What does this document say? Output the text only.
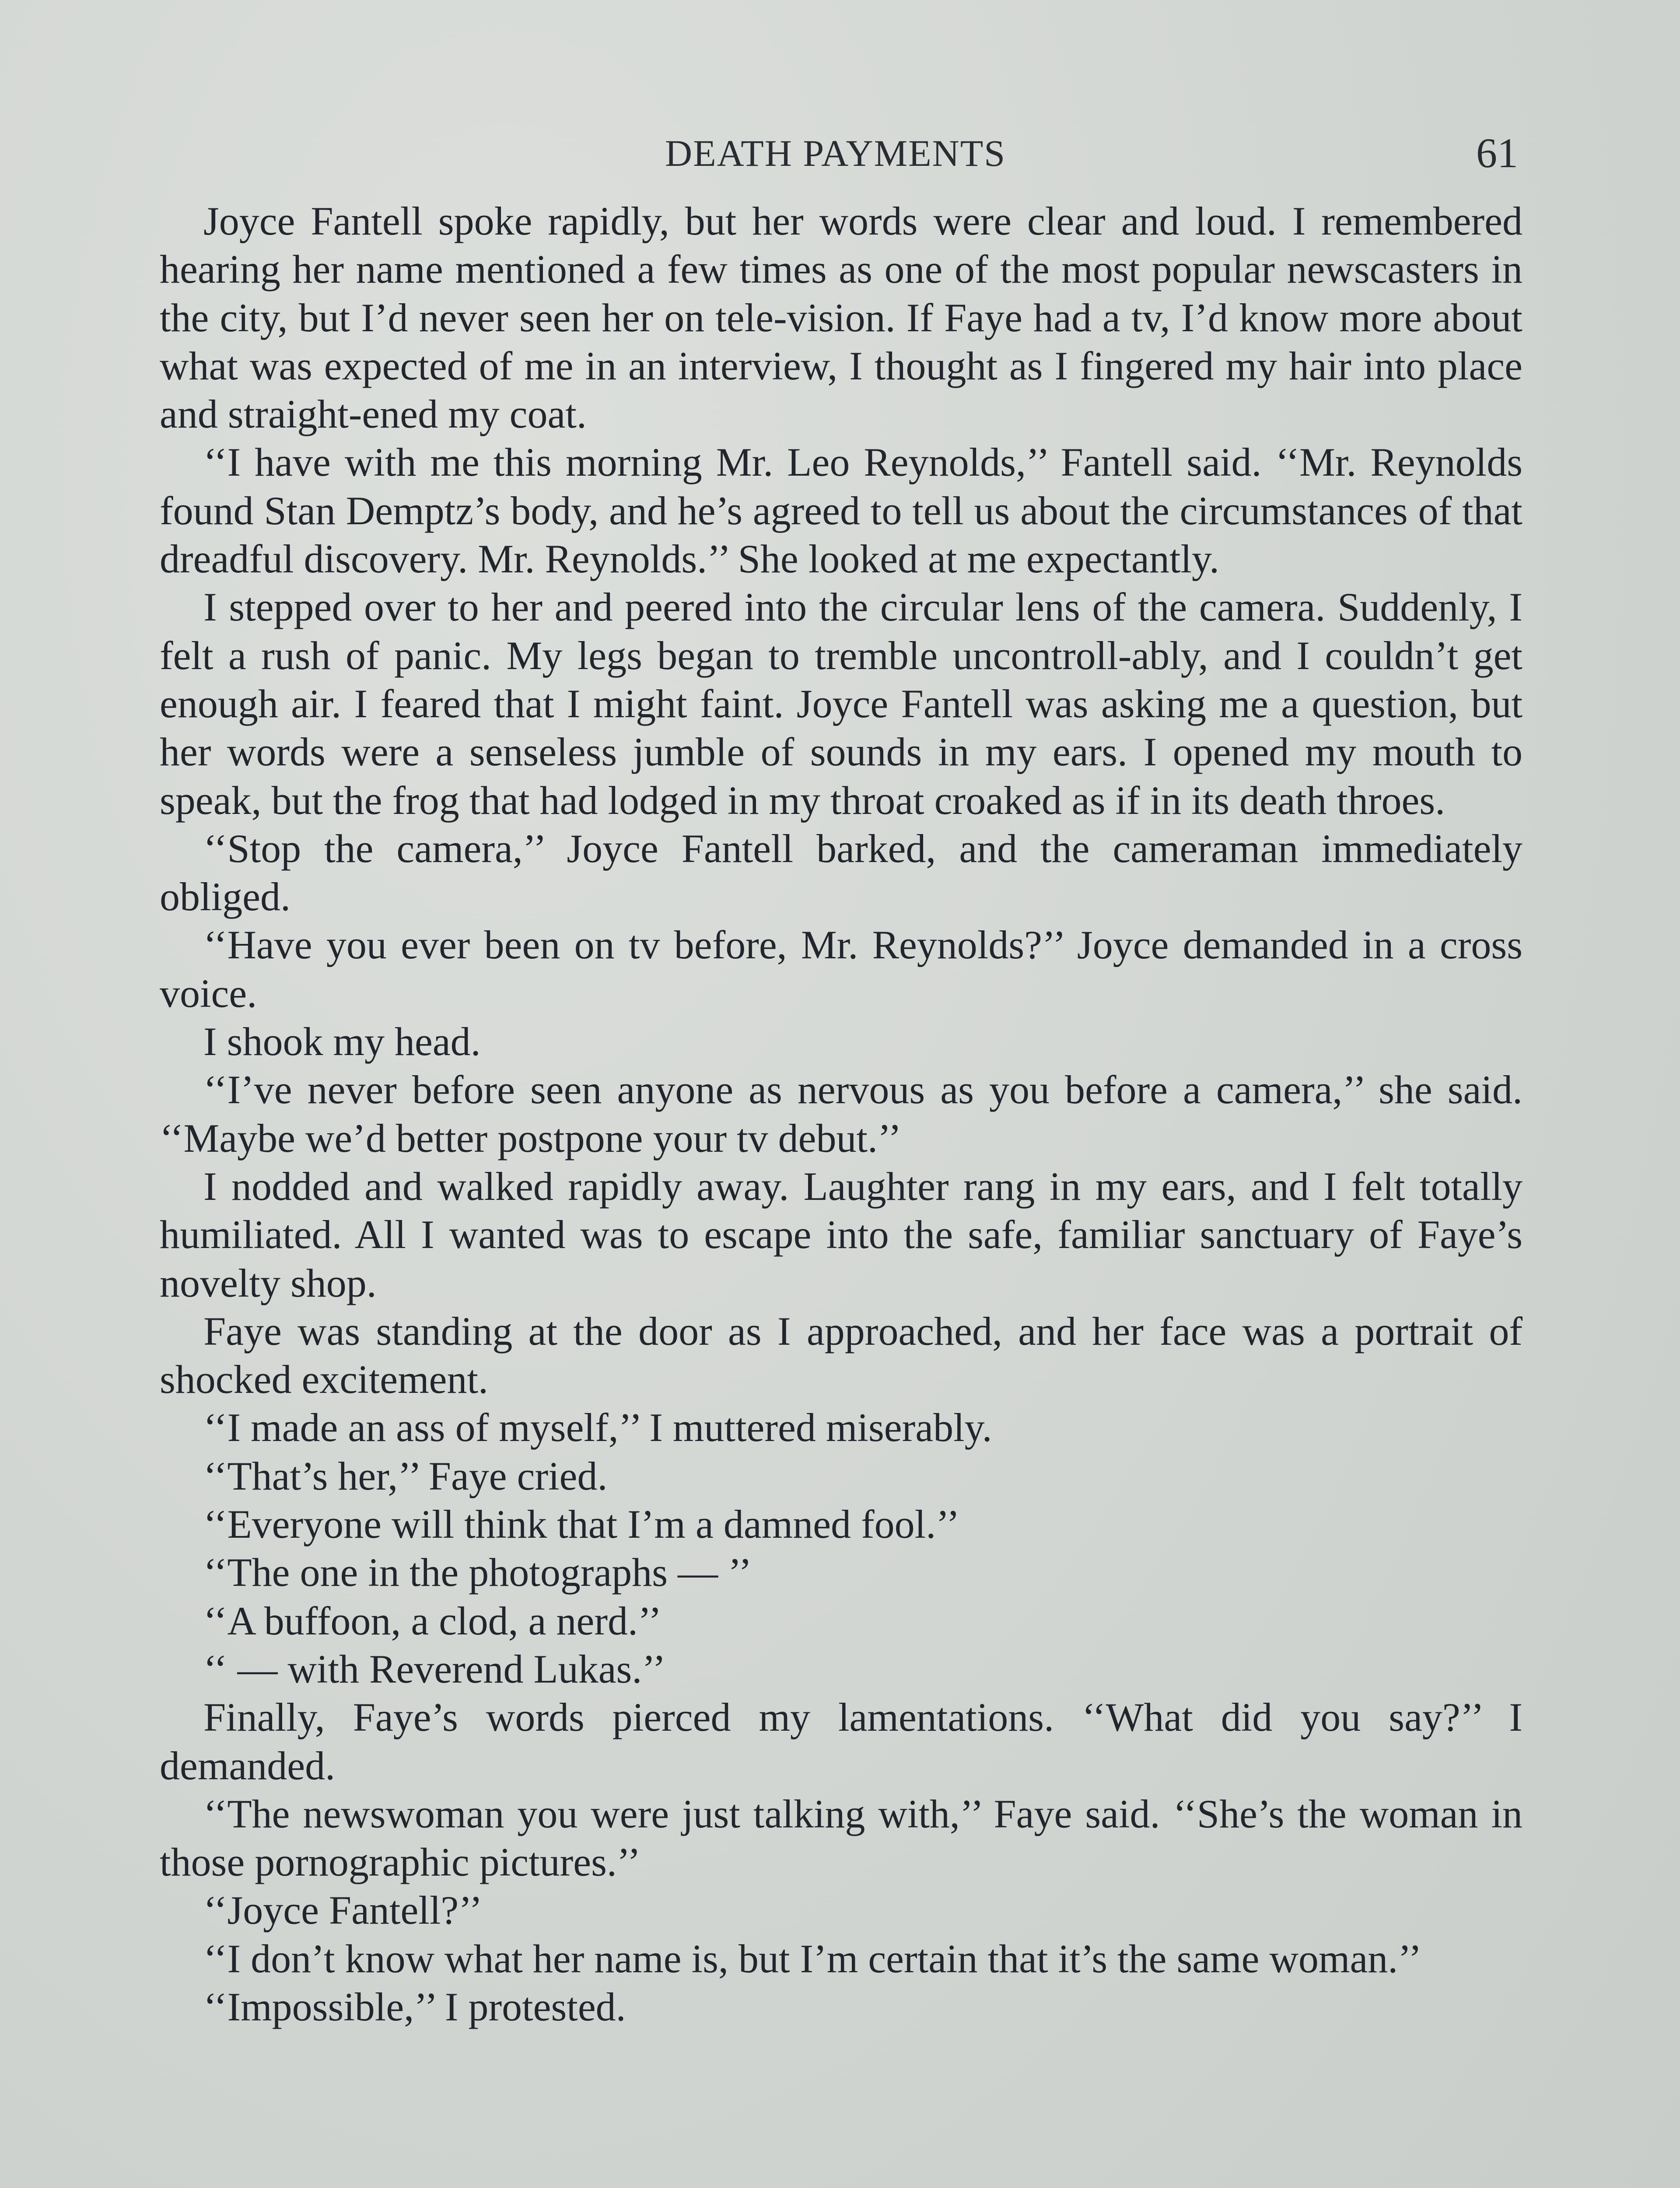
DEATH PAYMENTS	61

Joyce Fantell spoke rapidly, but her words were clear and loud. I remembered hearing her name mentioned a few times as one of the most popular newscasters in the city, but I’d never seen her on tele-vision. If Faye had a tv, I’d know more about what was expected of me in an interview, I thought as I fingered my hair into place and straight-ened my coat.

‘‘I have with me this morning Mr. Leo Reynolds,’’ Fantell said. ‘‘Mr. Reynolds found Stan Demptz’s body, and he’s agreed to tell us about the circumstances of that dreadful discovery. Mr. Reynolds.’’ She looked at me expectantly.

I stepped over to her and peered into the circular lens of the camera. Suddenly, I felt a rush of panic. My legs began to tremble uncontroll-ably, and I couldn’t get enough air. I feared that I might faint. Joyce Fantell was asking me a question, but her words were a senseless jumble of sounds in my ears. I opened my mouth to speak, but the frog that had lodged in my throat croaked as if in its death throes.

‘‘Stop the camera,’’ Joyce Fantell barked, and the cameraman immediately obliged.

‘‘Have you ever been on tv before, Mr. Reynolds?’’ Joyce demanded in a cross voice.

I shook my head.

‘‘I’ve never before seen anyone as nervous as you before a camera,’’ she said. ‘‘Maybe we’d better postpone your tv debut.’’

I nodded and walked rapidly away. Laughter rang in my ears, and I felt totally humiliated. All I wanted was to escape into the safe, familiar sanctuary of Faye’s novelty shop.

Faye was standing at the door as I approached, and her face was a portrait of shocked excitement.

‘‘I made an ass of myself,’’ I muttered miserably.

‘‘That’s her,’’ Faye cried.

‘‘Everyone will think that I’m a damned fool.’’

‘‘The one in the photographs — ’’

‘‘A buffoon, a clod, a nerd.’’

‘‘ — with Reverend Lukas.’’

Finally, Faye’s words pierced my lamentations. ‘‘What did you say?’’ I demanded.

‘‘The newswoman you were just talking with,’’ Faye said. ‘‘She’s the woman in those pornographic pictures.’’

‘‘Joyce Fantell?’’

‘‘I don’t know what her name is, but I’m certain that it’s the same woman.’’

‘‘Impossible,’’ I protested.
